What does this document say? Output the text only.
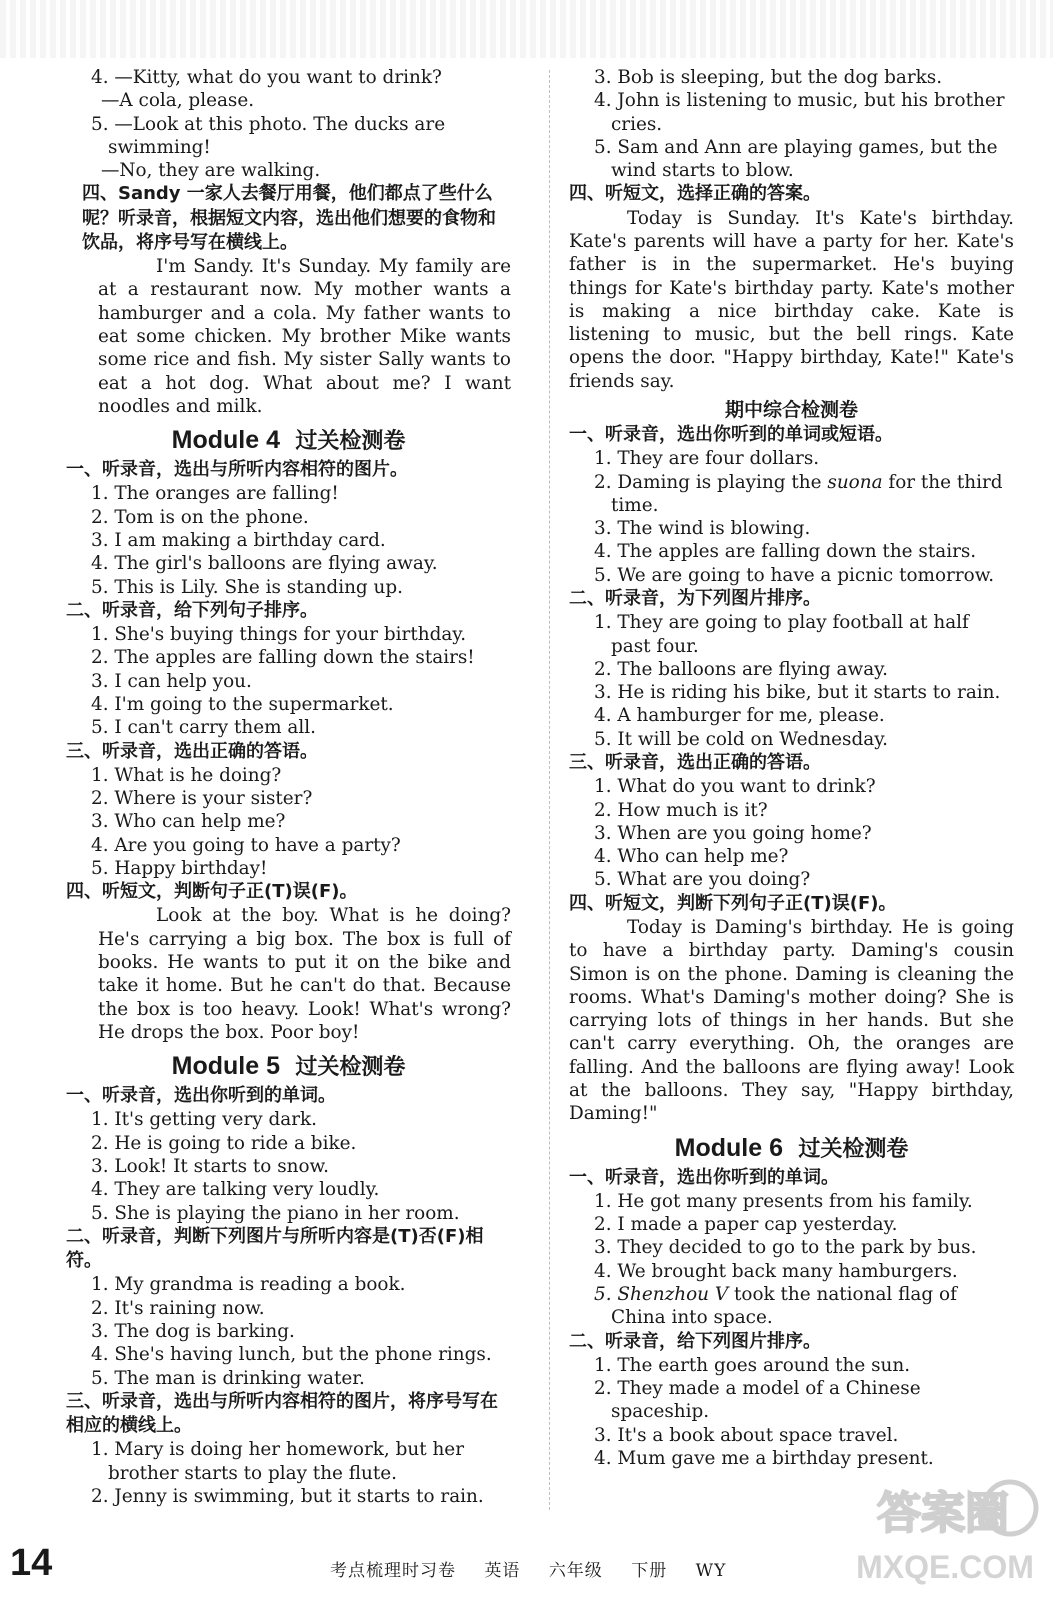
4. —Kitty, what do you want to drink?

—A cola, please.

5. —Look at this photo. The ducks are swimming!

—No, they are walking.

四、Sandy 一家人去餐厅用餐，他们都点了些什么呢？听录音，根据短文内容，选出他们想要的食物和饮品，将序号写在横线上。

I'm Sandy. It's Sunday. My family are at a restaurant now. My mother wants a hamburger and a cola. My father wants to eat some chicken. My brother Mike wants some rice and fish. My sister Sally wants to eat a hot dog. What about me? I want noodles and milk.

Module 4 过关检测卷

一、听录音，选出与所听内容相符的图片。

1. The oranges are falling!

2. Tom is on the phone.

3. I am making a birthday card.

4. The girl's balloons are flying away.

5. This is Lily. She is standing up.

二、听录音，给下列句子排序。

1. She's buying things for your birthday.

2. The apples are falling down the stairs!

3. I can help you.

4. I'm going to the supermarket.

5. I can't carry them all.

三、听录音，选出正确的答语。

1. What is he doing?

2. Where is your sister?

3. Who can help me?

4. Are you going to have a party?

5. Happy birthday!

四、听短文，判断句子正(T)误(F)。

Look at the boy. What is he doing? He's carrying a big box. The box is full of books. He wants to put it on the bike and take it home. But he can't do that. Because the box is too heavy. Look! What's wrong? He drops the box. Poor boy!

Module 5 过关检测卷

一、听录音，选出你听到的单词。

1. It's getting very dark.

2. He is going to ride a bike.

3. Look! It starts to snow.

4. They are talking very loudly.

5. She is playing the piano in her room.

二、听录音，判断下列图片与所听内容是(T)否(F)相符。

1. My grandma is reading a book.

2. It's raining now.

3. The dog is barking.

4. She's having lunch, but the phone rings.

5. The man is drinking water.

三、听录音，选出与所听内容相符的图片，将序号写在相应的横线上。

1. Mary is doing her homework, but her brother starts to play the flute.

2. Jenny is swimming, but it starts to rain.

3. Bob is sleeping, but the dog barks.

4. John is listening to music, but his brother cries.

5. Sam and Ann are playing games, but the wind starts to blow.

四、听短文，选择正确的答案。

Today is Sunday. It's Kate's birthday. Kate's parents will have a party for her. Kate's father is in the supermarket. He's buying things for Kate's birthday party. Kate's mother is making a nice birthday cake. Kate is listening to music, but the bell rings. Kate opens the door. "Happy birthday, Kate!" Kate's friends say.

期中综合检测卷

一、听录音，选出你听到的单词或短语。

1. They are four dollars.

2. Daming is playing the suona for the third time.

3. The wind is blowing.

4. The apples are falling down the stairs.

5. We are going to have a picnic tomorrow.

二、听录音，为下列图片排序。

1. They are going to play football at half past four.

2. The balloons are flying away.

3. He is riding his bike, but it starts to rain.

4. A hamburger for me, please.

5. It will be cold on Wednesday.

三、听录音，选出正确的答语。

1. What do you want to drink?

2. How much is it?

3. When are you going home?

4. Who can help me?

5. What are you doing?

四、听短文，判断下列句子正(T)误(F)。

Today is Daming's birthday. He is going to have a birthday party. Daming's cousin Simon is on the phone. Daming is cleaning the rooms. What's Daming's mother doing? She is carrying lots of things in her hands. But she can't carry everything. Oh, the oranges are falling. And the balloons are flying away! Look at the balloons. They say, "Happy birthday, Daming!"

Module 6 过关检测卷

一、听录音，选出你听到的单词。

1. He got many presents from his family.

2. I made a paper cap yesterday.

3. They decided to go to the park by bus.

4. We brought back many hamburgers.

5. Shenzhou V took the national flag of China into space.

二、听录音，给下列图片排序。

1. The earth goes around the sun.

2. They made a model of a Chinese spaceship.

3. It's a book about space travel.

4. Mum gave me a birthday present.

14	考点梳理时习卷 英语 六年级 下册 WY
答案圈
MXQE.COM
